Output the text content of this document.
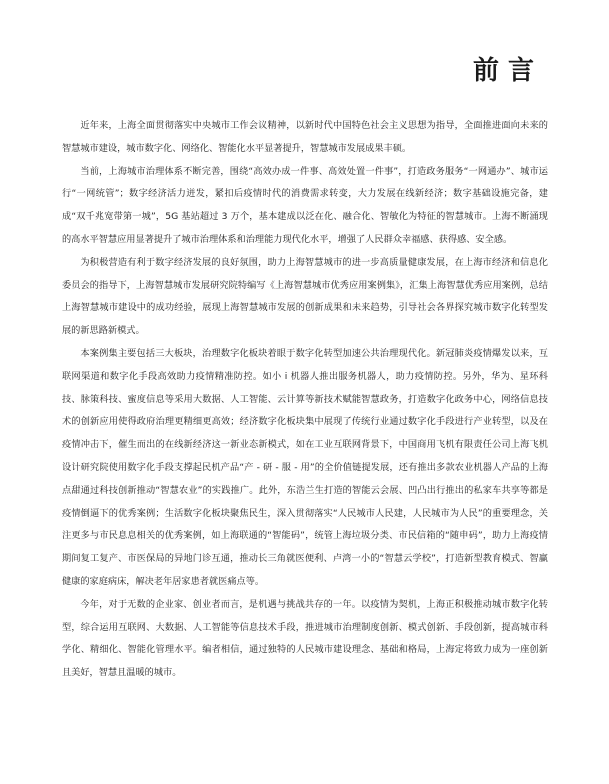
前言

近年来，上海全面贯彻落实中央城市工作会议精神，以新时代中国特色社会主义思想为指导，全面推进面向未来的智慧城市建设，城市数字化、网络化、智能化水平显著提升，智慧城市发展成果丰硕。

当前，上海城市治理体系不断完善，围绕“高效办成一件事、高效处置一件事”，打造政务服务“一网通办”、城市运行“一网统管”；数字经济活力迸发，紧扣后疫情时代的消费需求转变，大力发展在线新经济；数字基础设施完备，建成“双千兆宽带第一城”，5G 基站超过 3 万个，基本建成以泛在化、融合化、智敏化为特征的智慧城市。上海不断涌现的高水平智慧应用显著提升了城市治理体系和治理能力现代化水平，增强了人民群众幸福感、获得感、安全感。

为积极营造有利于数字经济发展的良好氛围，助力上海智慧城市的进一步高质量健康发展，在上海市经济和信息化委员会的指导下，上海智慧城市发展研究院特编写《上海智慧城市优秀应用案例集》，汇集上海智慧优秀应用案例，总结上海智慧城市建设中的成功经验，展现上海智慧城市发展的创新成果和未来趋势，引导社会各界探究城市数字化转型发展的新思路新模式。

本案例集主要包括三大板块，治理数字化板块着眼于数字化转型加速公共治理现代化。新冠肺炎疫情爆发以来，互联网渠道和数字化手段高效助力疫情精准防控。如小 i 机器人推出服务机器人，助力疫情防控。另外，华为、星环科技、脉策科技、蜜度信息等采用大数据、人工智能、云计算等新技术赋能智慧政务，打造数字化政务中心，网络信息技术的创新应用使得政府治理更精细更高效；经济数字化板块集中展现了传统行业通过数字化手段进行产业转型，以及在疫情冲击下，催生而出的在线新经济这一新业态新模式，如在工业互联网背景下，中国商用飞机有限责任公司上海飞机设计研究院使用数字化手段支撑起民机产品“产 - 研 - 服 - 用”的全价值链提发展，还有推出多款农业机器人产品的上海点甜通过科技创新推动“智慧农业”的实践推广。此外，东浩兰生打造的智能云会展、凹凸出行推出的私家车共享等都是疫情倒逼下的优秀案例；生活数字化板块聚焦民生，深入贯彻落实“人民城市人民建，人民城市为人民”的重要理念，关注更多与市民息息相关的优秀案例，如上海联通的“智能码”，统管上海垃圾分类、市民信箱的“随申码”，助力上海疫情期间复工复产、市医保局的异地门诊互通，推动长三角就医便利、卢湾一小的“智慧云学校”，打造新型教育模式、智赢健康的家庭病床，解决老年居家患者就医痛点等。

今年，对于无数的企业家、创业者而言，是机遇与挑战共存的一年。以疫情为契机，上海正积极推动城市数字化转型，综合运用互联网、大数据、人工智能等信息技术手段，推进城市治理制度创新、模式创新、手段创新，提高城市科学化、精细化、智能化管理水平。编者相信，通过独特的人民城市建设理念、基础和格局，上海定将致力成为一座创新且美好，智慧且温暖的城市。
